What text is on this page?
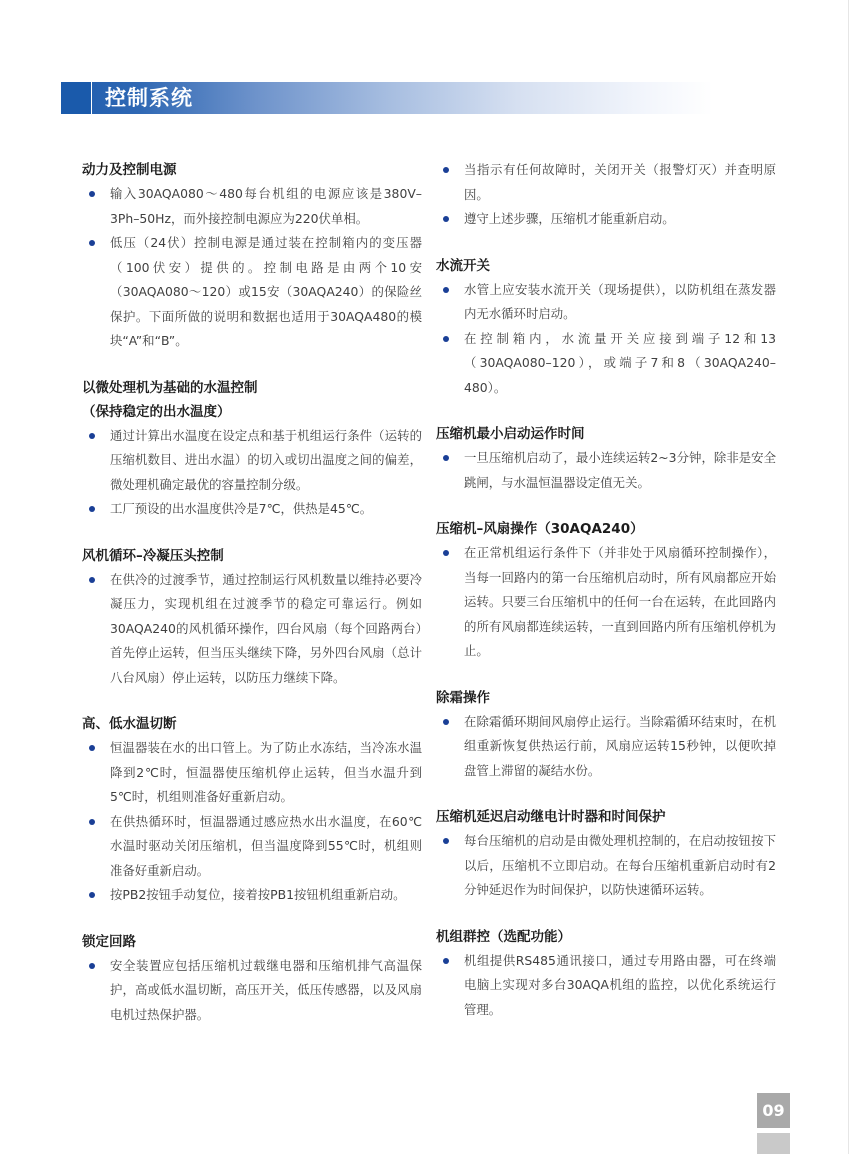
控制系统
动力及控制电源
输入30AQA080～480每台机组的电源应该是380V–3Ph–50Hz，而外接控制电源应为220伏单相。
低压（24伏）控制电源是通过装在控制箱内的变压器（100伏安）提供的。控制电路是由两个10安（30AQA080～120）或15安（30AQA240）的保险丝保护。下面所做的说明和数据也适用于30AQA480的模块“A”和“B”。
以微处理机为基础的水温控制
（保持稳定的出水温度）
通过计算出水温度在设定点和基于机组运行条件（运转的压缩机数目、进出水温）的切入或切出温度之间的偏差，微处理机确定最优的容量控制分级。
工厂预设的出水温度供冷是7℃，供热是45℃。
风机循环–冷凝压头控制
在供冷的过渡季节，通过控制运行风机数量以维持必要冷凝压力，实现机组在过渡季节的稳定可靠运行。例如30AQA240的风机循环操作，四台风扇（每个回路两台）首先停止运转，但当压头继续下降，另外四台风扇（总计八台风扇）停止运转，以防压力继续下降。
高、低水温切断
恒温器装在水的出口管上。为了防止水冻结，当冷冻水温降到2℃时，恒温器使压缩机停止运转，但当水温升到5℃时，机组则准备好重新启动。
在供热循环时，恒温器通过感应热水出水温度，在60℃水温时驱动关闭压缩机，但当温度降到55℃时，机组则准备好重新启动。
按PB2按钮手动复位，接着按PB1按钮机组重新启动。
锁定回路
安全装置应包括压缩机过载继电器和压缩机排气高温保护，高或低水温切断，高压开关，低压传感器，以及风扇电机过热保护器。
当指示有任何故障时，关闭开关（报警灯灭）并查明原因。
遵守上述步骤，压缩机才能重新启动。
水流开关
水管上应安装水流开关（现场提供），以防机组在蒸发器内无水循环时启动。
在控制箱内，水流量开关应接到端子12和13（30AQA080–120），或端子7和8（30AQA240–480）。
压缩机最小启动运作时间
一旦压缩机启动了，最小连续运转2~3分钟，除非是安全跳闸，与水温恒温器设定值无关。
压缩机–风扇操作（30AQA240）
在正常机组运行条件下（并非处于风扇循环控制操作），当每一回路内的第一台压缩机启动时，所有风扇都应开始运转。只要三台压缩机中的任何一台在运转，在此回路内的所有风扇都连续运转，一直到回路内所有压缩机停机为止。
除霜操作
在除霜循环期间风扇停止运行。当除霜循环结束时，在机组重新恢复供热运行前，风扇应运转15秒钟，以便吹掉盘管上滞留的凝结水份。
压缩机延迟启动继电计时器和时间保护
每台压缩机的启动是由微处理机控制的，在启动按钮按下以后，压缩机不立即启动。在每台压缩机重新启动时有2分钟延迟作为时间保护，以防快速循环运转。
机组群控（选配功能）
机组提供RS485通讯接口，通过专用路由器，可在终端电脑上实现对多台30AQA机组的监控，以优化系统运行管理。
09
